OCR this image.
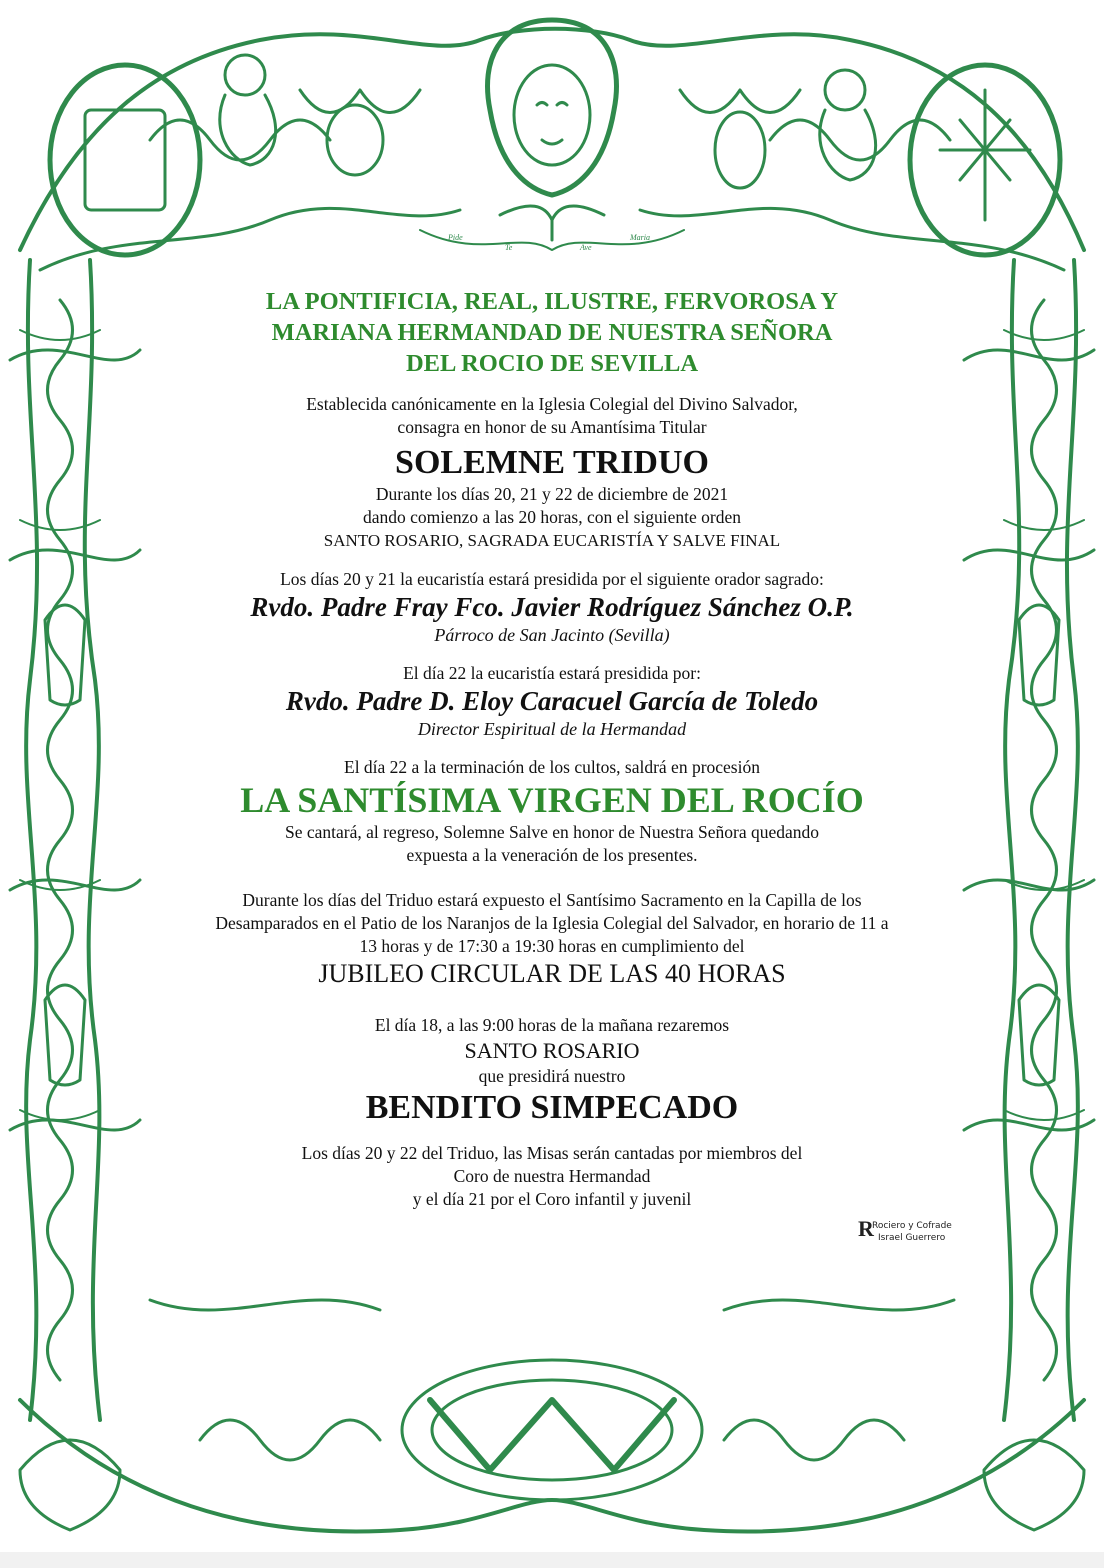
Pide
Te	Ave
Maria
LA PONTIFICIA, REAL, ILUSTRE, FERVOROSA Y
MARIANA HERMANDAD DE NUESTRA SEÑORA
DEL ROCIO DE SEVILLA
Establecida canónicamente en la Iglesia Colegial del Divino Salvador,
consagra en honor de su Amantísima Titular
SOLEMNE TRIDUO
Durante los días 20, 21 y 22 de diciembre de 2021
dando comienzo a las 20 horas, con el siguiente orden
SANTO ROSARIO, SAGRADA EUCARISTÍA Y SALVE FINAL
Los días 20 y 21 la eucaristía estará presidida por el siguiente orador sagrado:
Rvdo. Padre Fray Fco. Javier Rodríguez Sánchez O.P.
Párroco de San Jacinto (Sevilla)
El día 22 la eucaristía estará presidida por:
Rvdo. Padre D. Eloy Caracuel García de Toledo
Director Espiritual de la Hermandad
El día 22 a la terminación de los cultos, saldrá en procesión
LA SANTÍSIMA VIRGEN DEL ROCÍO
Se cantará, al regreso, Solemne Salve en honor de Nuestra Señora quedando
expuesta a la veneración de los presentes.
Durante los días del Triduo estará expuesto el Santísimo Sacramento en la Capilla de los
Desamparados en el Patio de los Naranjos de la Iglesia Colegial del Salvador, en horario de 11 a
13 horas y de 17:30 a 19:30 horas en cumplimiento del
JUBILEO CIRCULAR DE LAS 40 HORAS
El día 18, a las 9:00 horas de la mañana rezaremos
SANTO ROSARIO
que presidirá nuestro
BENDITO SIMPECADO
Los días 20 y 22 del Triduo, las Misas serán cantadas por miembros del
Coro de nuestra Hermandad
y el día 21 por el Coro infantil y juvenil
R
Rociero y Cofrade
Israel Guerrero
